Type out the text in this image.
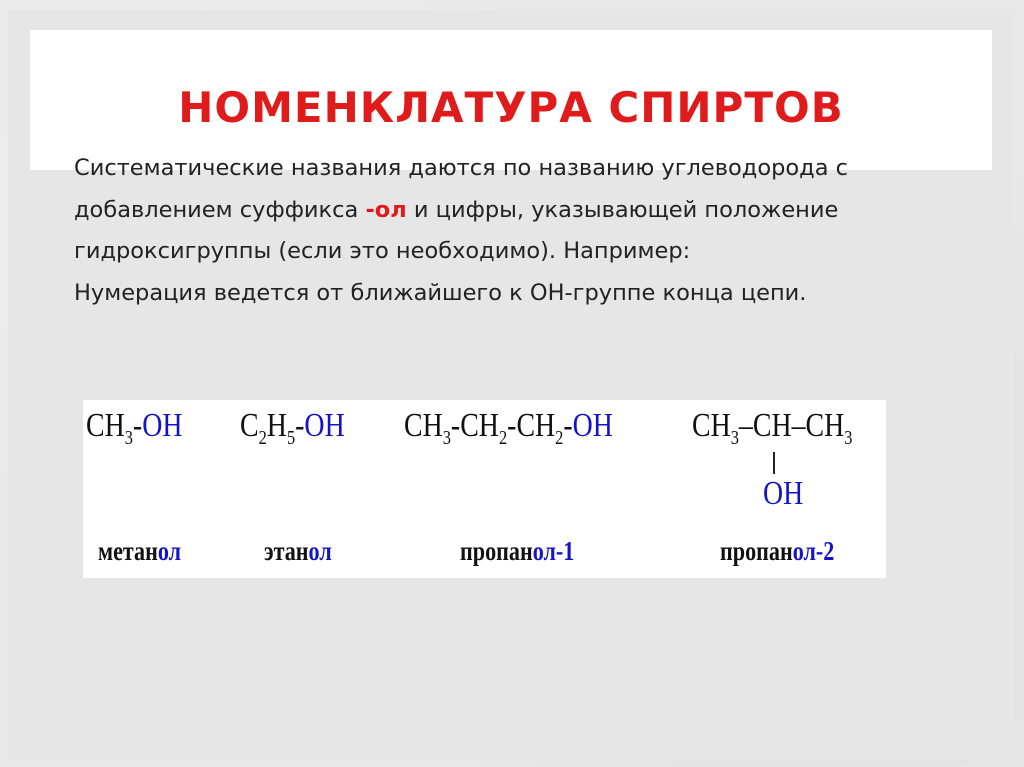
НОМЕНКЛАТУРА СПИРТОВ

Систематические названия даются по названию углеводорода с добавлением суффикса -ол и цифры, указывающей положение гидроксигруппы (если это необходимо). Например:

Нумерация ведется от ближайшего к ОН-группе конца цепи.

$CH_3-OH$ $C_2H_5-OH$ $CH_3-CH_2-CH_2-OH$ $CH_3-CH-CH_3$
OH
метанол	этанол	пропанол-1	пропанол-2
